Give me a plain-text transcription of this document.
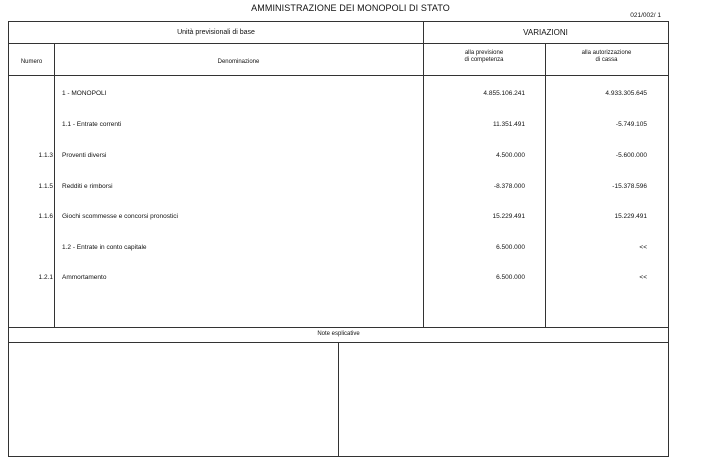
AMMINISTRAZIONE DEI MONOPOLI DI STATO
021/002/ 1
Unità previsionali di base	VARIAZIONI
Numero	Denominazione
alla previsione
di competenza
alla autorizzazione
di cassa
1 - MONOPOLI	4.855.106.241	4.933.305.645
1.1 - Entrate correnti	11.351.491	-5.749.105
1.1.3 Proventi diversi	4.500.000	-5.600.000
1.1.5 Redditi e rimborsi	-8.378.000	-15.378.596
1.1.6 Giochi scommesse e concorsi pronostici	15.229.491	15.229.491
1.2 - Entrate in conto capitale	6.500.000	<<
1.2.1 Ammortamento	6.500.000	<<
Note esplicative
